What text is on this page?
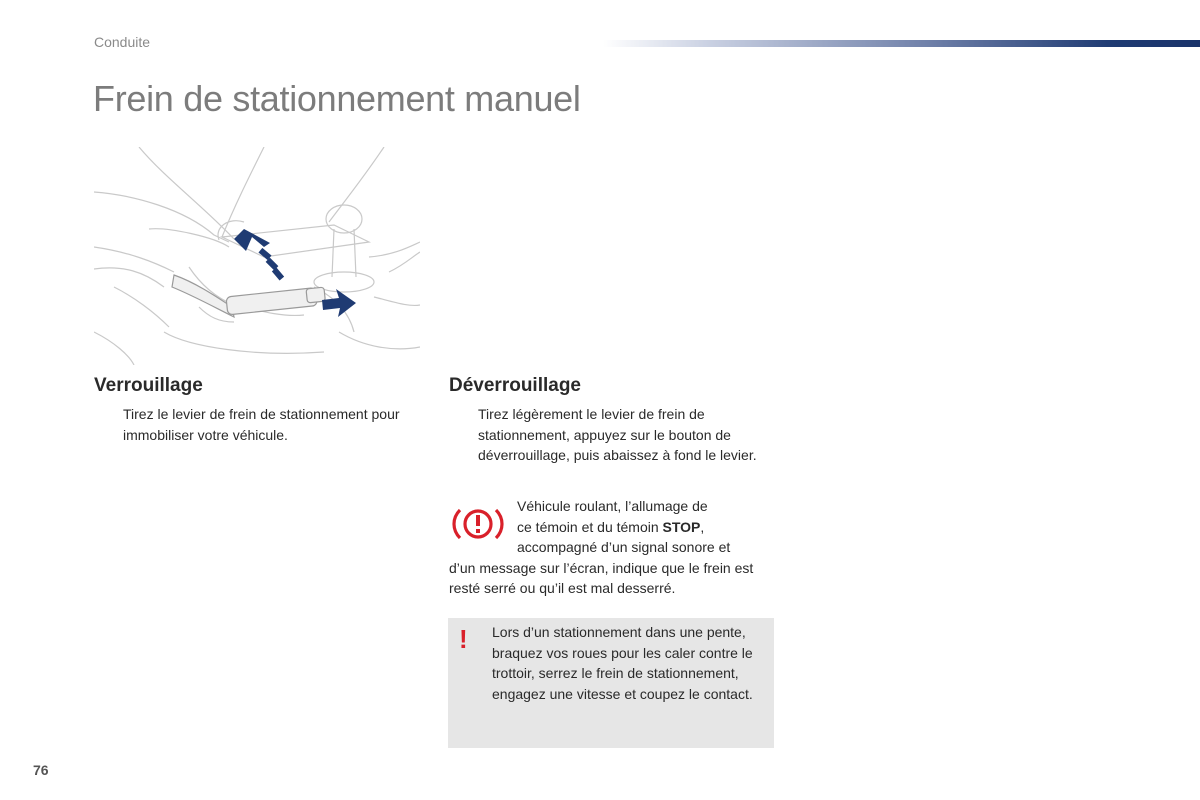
Conduite
Frein de stationnement manuel
Verrouillage
Tirez le levier de frein de stationnement pour immobiliser votre véhicule.
Déverrouillage
Tirez légèrement le levier de frein de stationnement, appuyez sur le bouton de déverrouillage, puis abaissez à fond le levier.
Véhicule roulant, l’allumage de
ce témoin et du témoin STOP,
accompagné d’un signal sonore et
d’un message sur l’écran, indique que le frein est resté serré ou qu’il est mal desserré.
! Lors d’un stationnement dans une pente, braquez vos roues pour les caler contre le trottoir, serrez le frein de stationnement, engagez une vitesse et coupez le contact.
76
